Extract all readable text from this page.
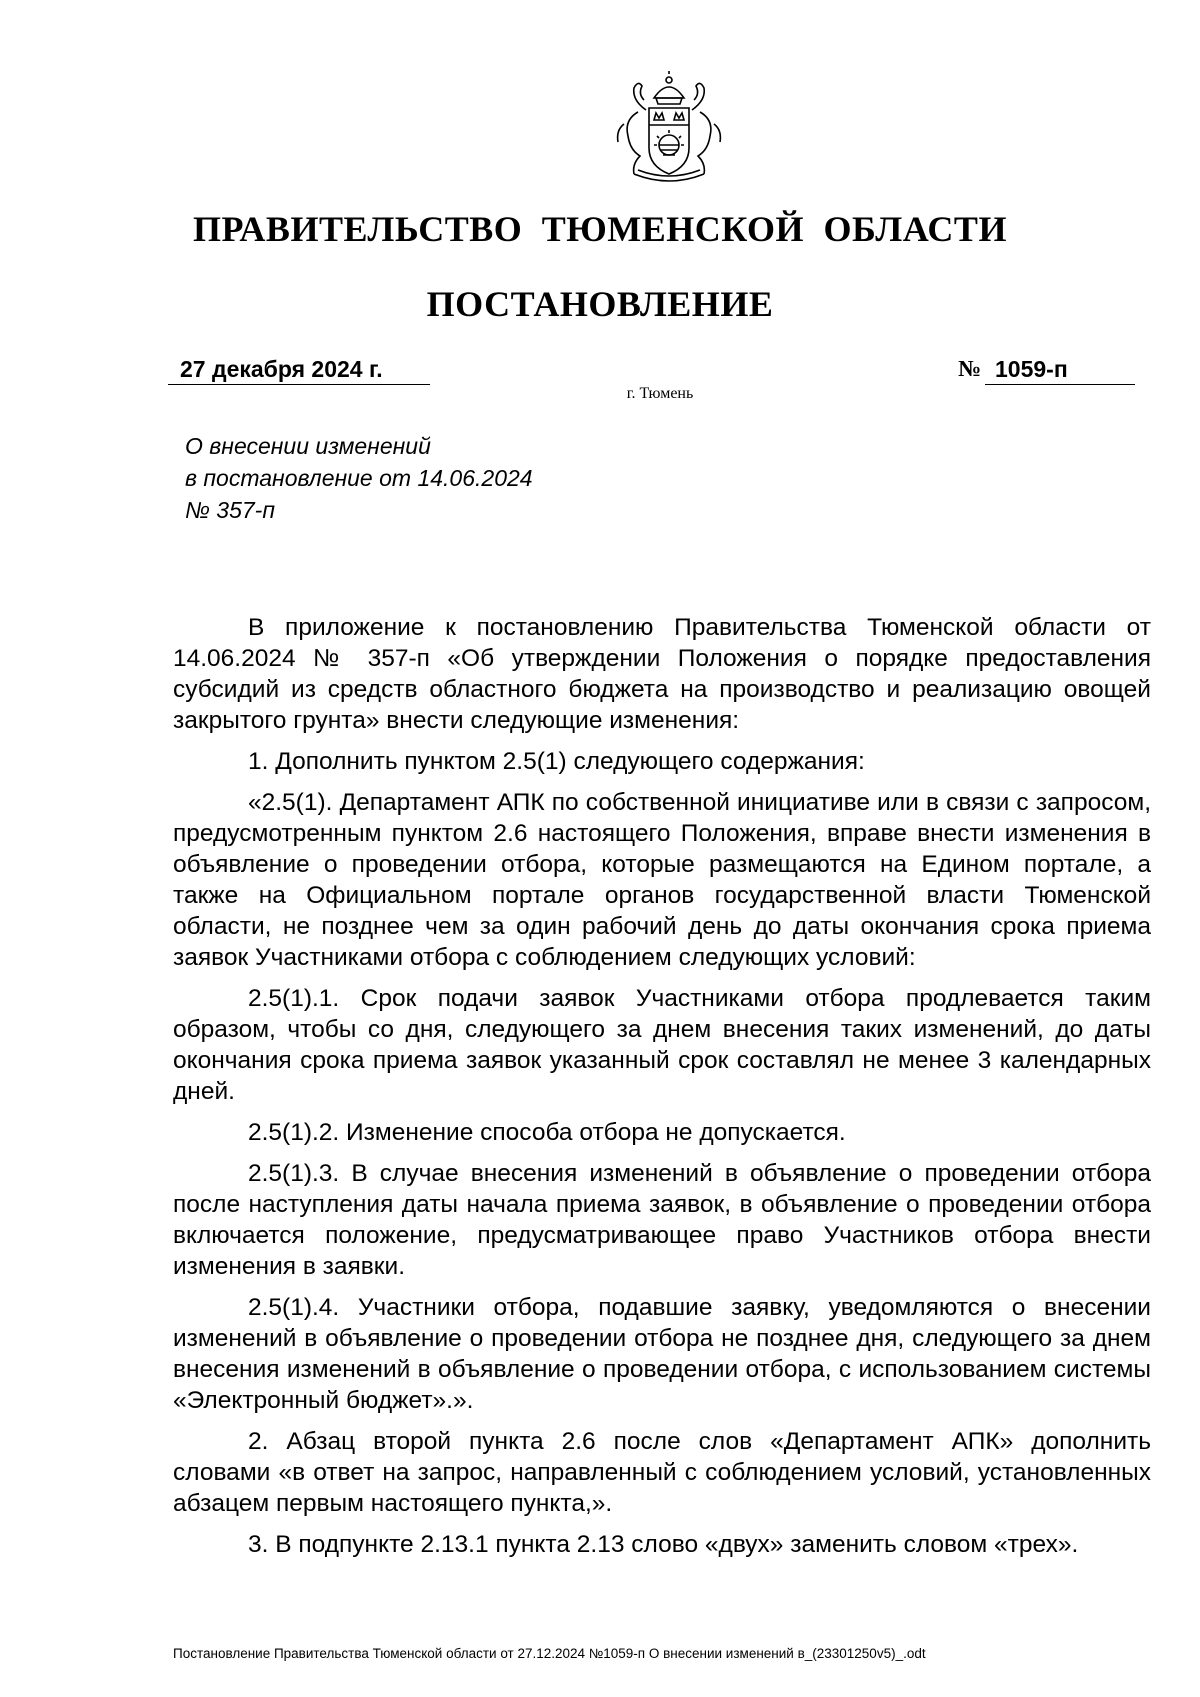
ПРАВИТЕЛЬСТВО ТЮМЕНСКОЙ ОБЛАСТИ
ПОСТАНОВЛЕНИЕ
27 декабря 2024 г.	№ 1059-п
г. Тюмень
О внесении изменений
в постановление от 14.06.2024
№ 357-п

В приложение к постановлению Правительства Тюменской области от 14.06.2024 № 357-п «Об утверждении Положения о порядке предоставления субсидий из средств областного бюджета на производство и реализацию овощей закрытого грунта» внести следующие изменения:

1. Дополнить пунктом 2.5(1) следующего содержания:

«2.5(1). Департамент АПК по собственной инициативе или в связи с запросом, предусмотренным пунктом 2.6 настоящего Положения, вправе внести изменения в объявление о проведении отбора, которые размещаются на Едином портале, а также на Официальном портале органов государственной власти Тюменской области, не позднее чем за один рабочий день до даты окончания срока приема заявок Участниками отбора с соблюдением следующих условий:

2.5(1).1. Срок подачи заявок Участниками отбора продлевается таким образом, чтобы со дня, следующего за днем внесения таких изменений, до даты окончания срока приема заявок указанный срок составлял не менее 3 календарных дней.

2.5(1).2. Изменение способа отбора не допускается.

2.5(1).3. В случае внесения изменений в объявление о проведении отбора после наступления даты начала приема заявок, в объявление о проведении отбора включается положение, предусматривающее право Участников отбора внести изменения в заявки.

2.5(1).4. Участники отбора, подавшие заявку, уведомляются о внесении изменений в объявление о проведении отбора не позднее дня, следующего за днем внесения изменений в объявление о проведении отбора, с использованием системы «Электронный бюджет».».

2. Абзац второй пункта 2.6 после слов «Департамент АПК» дополнить словами «в ответ на запрос, направленный с соблюдением условий, установленных абзацем первым настоящего пункта,».

3. В подпункте 2.13.1 пункта 2.13 слово «двух» заменить словом «трех».

Постановление Правительства Тюменской области от 27.12.2024 №1059-п О внесении изменений в_(23301250v5)_.odt
